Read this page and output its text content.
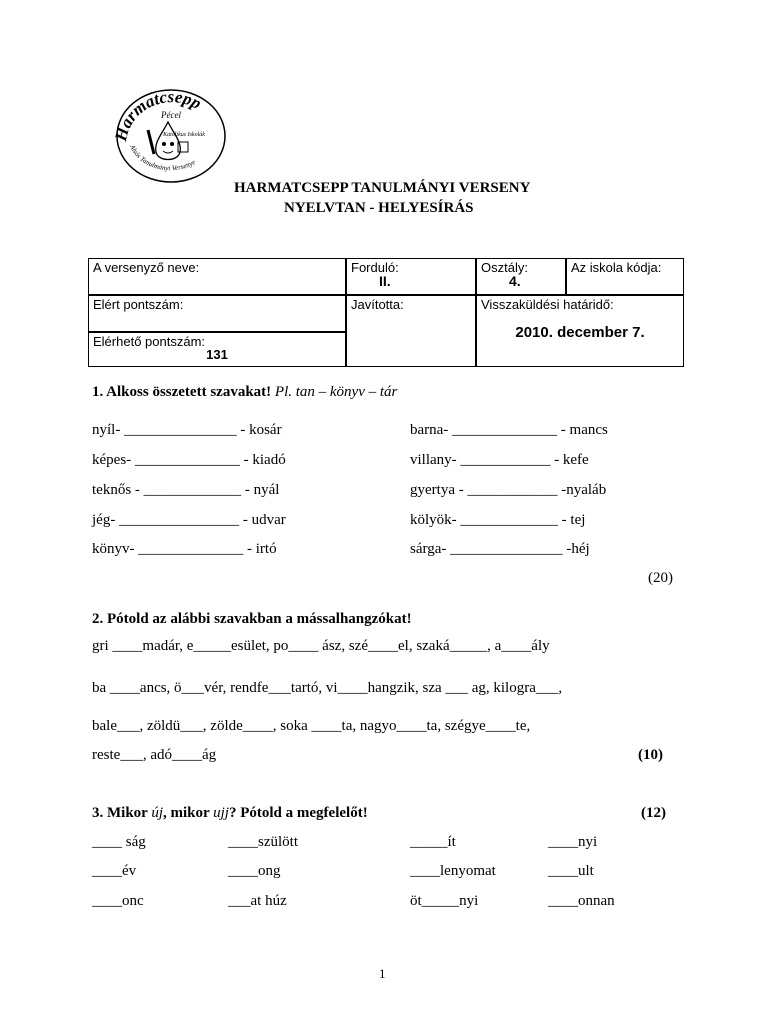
Harmatcsepp
Pécel
Katolikus Iskolák
Alsós Tanulmányi Versenye
HARMATCSEPP TANULMÁNYI VERSENY
NYELVTAN - HELYESÍRÁS
A versenyző neve:	Forduló:
II.
Osztály:
4.
Az iskola kódja:
Elért pontszám:	Javította:	Visszaküldési határidő:
2010. december 7.
Elérhető pontszám:
131
1. Alkoss összetett szavakat! Pl. tan – könyv – tár
nyíl- _______________ - kosár
képes- ______________ - kiadó
teknős - _____________ - nyál
jég- ________________ - udvar
könyv- ______________ - irtó
barna- ______________ - mancs
villany- ____________ - kefe
gyertya - ____________ -nyaláb
kölyök- _____________ - tej
sárga- _______________ -héj
(20)
2. Pótold az alábbi szavakban a mássalhangzókat!
gri ____madár, e_____esület, po____ ász, szé____el, szaká_____, a____ály
ba ____ancs, ö___vér, rendfe___tartó, vi____hangzik, sza ___ ag, kilogra___,
bale___, zöldü___, zölde____, soka ____ta, nagyo____ta, szégye____te,
reste___, adó____ág	(10)
3. Mikor új, mikor ujj? Pótold a megfelelőt!	(12)
____ ság	____szülött	_____ít	____nyi
____év	____ong	____lenyomat	____ult
____onc	___at húz	öt_____nyi	____onnan
1
